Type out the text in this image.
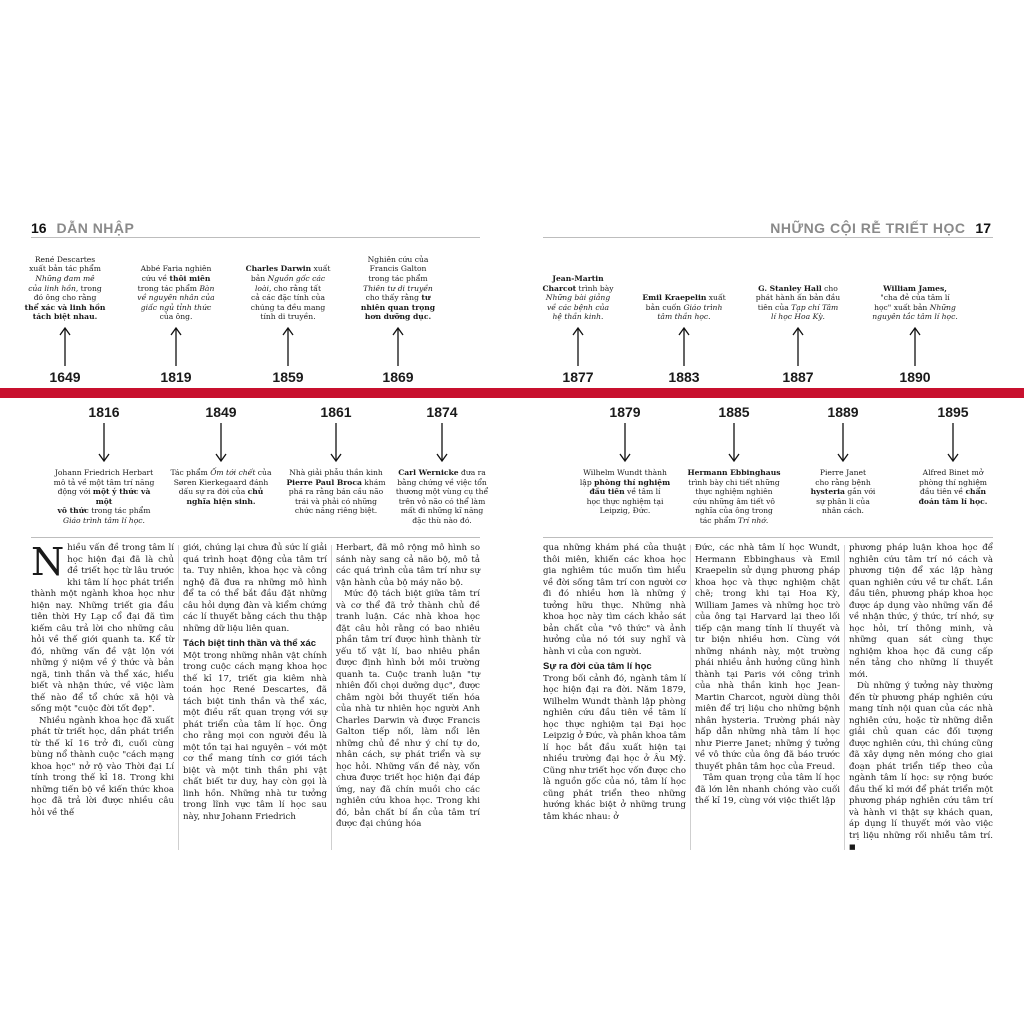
16 DẪN NHẬP	NHỮNG CỘI RỄ TRIẾT HỌC 17
René Descartes
xuất bản tác phẩm
Những đam mê
của linh hồn, trong
đó ông cho rằng
thể xác và linh hồn
tách biệt nhau.
1649
Abbé Faria nghiên
cứu về thôi miên
trong tác phẩm Bàn
về nguyên nhân của
giấc ngủ tỉnh thức
của ông.
1819
Charles Darwin xuất
bản Nguồn gốc các
loài, cho rằng tất
cả các đặc tính của
chúng ta đều mang
tính di truyền.
1859
Nghiên cứu của
Francis Galton
trong tác phẩm
Thiên tư di truyền
cho thấy rằng tư
nhiên quan trọng
hơn dưỡng dục.
1869
Jean-Martin
Charcot trình bày
Những bài giảng
về các bệnh của
hệ thần kinh.
1877
Emil Kraepelin xuất
bản cuốn Giáo trình
tâm thần học.
1883
G. Stanley Hall cho
phát hành ấn bản đầu
tiên của Tạp chí Tâm
lí học Hoa Kỳ.
1887
William James,
"cha đẻ của tâm lí
học" xuất bản Những
nguyên tắc tâm lí học.
1890
1816
Johann Friedrich Herbart
mô tả về một tâm trí năng
động với một ý thức và một
vô thức trong tác phẩm
Giáo trình tâm lí học.
1849
Tác phẩm Ốm tới chết của
Søren Kierkegaard đánh
dấu sự ra đời của chủ
nghĩa hiện sinh.
1861
Nhà giải phẫu thần kinh
Pierre Paul Broca khám
phá ra rằng bán cầu não
trái và phải có những
chức năng riêng biệt.
1874
Carl Wernicke đưa ra
bằng chứng về việc tổn
thương một vùng cụ thể
trên vỏ não có thể làm
mất đi những kĩ năng
đặc thù nào đó.
1879
Wilhelm Wundt thành
lập phòng thí nghiệm
đầu tiên về tâm lí
học thực nghiệm tại
Leipzig, Đức.
1885
Hermann Ebbinghaus
trình bày chi tiết những
thực nghiệm nghiên
cứu những âm tiết vô
nghĩa của ông trong
tác phẩm Trí nhớ.
1889
Pierre Janet
cho rằng bệnh
hysteria gắn với
sự phân li của
nhân cách.
1895
Alfred Binet mở
phòng thí nghiệm
đầu tiên về chẩn
đoán tâm lí học.

Nhiều vấn đề trong tâm lí học hiện đại đã là chủ đề triết học từ lâu trước khi tâm lí học phát triển thành một ngành khoa học như hiện nay. Những triết gia đầu tiên thời Hy Lạp cổ đại đã tìm kiếm câu trả lời cho những câu hỏi về thế giới quanh ta. Kể từ đó, những vấn đề vật lộn với những ý niệm về ý thức và bản ngã, tinh thần và thể xác, hiểu biết và nhận thức, về việc làm thế nào để tổ chức xã hội và sống một "cuộc đời tốt đẹp".

Nhiều ngành khoa học đã xuất phát từ triết học, dần phát triển từ thế kỉ 16 trở đi, cuối cùng bùng nổ thành cuộc "cách mạng khoa học" nở rộ vào Thời đại Lí tính trong thế kỉ 18. Trong khi những tiến bộ về kiến thức khoa học đã trả lời được nhiều câu hỏi về thế

giới, chúng lại chưa đủ sức lí giải quá trình hoạt động của tâm trí ta. Tuy nhiên, khoa học và công nghệ đã đưa ra những mô hình để ta có thể bắt đầu đặt những câu hỏi dựng đàn và kiểm chứng các lí thuyết bằng cách thu thập những dữ liệu liên quan.

Tách biệt tinh thần và thể xác

Một trong những nhân vật chính trong cuộc cách mạng khoa học thế kỉ 17, triết gia kiêm nhà toán học René Descartes, đã tách biệt tinh thần và thể xác, một điều rất quan trọng với sự phát triển của tâm lí học. Ông cho rằng mọi con người đều là một tồn tại hai nguyên – với một cơ thể mang tính cơ giới tách biệt và một tinh thần phi vật chất biết tư duy, hay còn gọi là linh hồn. Những nhà tư tưởng trong lĩnh vực tâm lí học sau này, như Johann Friedrich

Herbart, đã mô rộng mô hình so sánh này sang cả não bộ, mô tả các quá trình của tâm trí như sự vận hành của bộ máy não bộ.

Mức độ tách biệt giữa tâm trí và cơ thể đã trở thành chủ đề tranh luận. Các nhà khoa học đặt câu hỏi rằng có bao nhiêu phần tâm trí được hình thành từ yếu tố vật lí, bao nhiêu phần được định hình bởi môi trường quanh ta. Cuộc tranh luận "tự nhiên đối chọi dưỡng dục", được châm ngòi bởi thuyết tiến hóa của nhà tư nhiên học người Anh Charles Darwin và được Francis Galton tiếp nối, làm nổi lên những chủ đề như ý chí tự do, nhân cách, sự phát triển và sự học hỏi. Những vấn đề này, vốn chưa được triết học hiện đại đáp ứng, nay đã chín muồi cho các nghiên cứu khoa học. Trong khi đó, bản chất bí ẩn của tâm trí được đại chúng hóa

qua những khám phá của thuật thôi miên, khiến các khoa học gia nghiêm túc muốn tìm hiểu về đời sống tâm trí con người cơ đi đó nhiều hơn là những ý tưởng hữu thực. Những nhà khoa học này tìm cách khảo sát bản chất của "vô thức" và ảnh hưởng của nó tới suy nghĩ và hành vi của con người.

Sự ra đời của tâm lí học

Trong bối cảnh đó, ngành tâm lí học hiện đại ra đời. Năm 1879, Wilhelm Wundt thành lập phòng nghiên cứu đầu tiên về tâm lí học thực nghiệm tại Đại học Leipzig ở Đức, và phân khoa tâm lí học bắt đầu xuất hiện tại nhiều trường đại học ở Âu Mỹ. Cũng như triết học vốn được cho là nguồn gốc của nó, tâm lí học cũng phát triển theo những hướng khác biệt ở những trung tâm khác nhau: ở

Đức, các nhà tâm lí học Wundt, Hermann Ebbinghaus và Emil Kraepelin sử dụng phương pháp khoa học và thực nghiệm chặt chẽ; trong khi tại Hoa Kỳ, William James và những học trò của ông tại Harvard lại theo lối tiếp cận mang tính lí thuyết và tư biện nhiều hơn. Cùng với những nhánh này, một trường phái nhiều ảnh hưởng cũng hình thành tại Paris với công trình của nhà thần kinh học Jean-Martin Charcot, người dùng thôi miên để trị liệu cho những bệnh nhân hysteria. Trường phái này hấp dẫn những nhà tâm lí học như Pierre Janet; những ý tưởng về vô thức của ông đã báo trước thuyết phân tâm học của Freud.

Tâm quan trọng của tâm lí học đã lớn lên nhanh chóng vào cuối thế kỉ 19, cùng với việc thiết lập

phương pháp luận khoa học để nghiên cứu tâm trí nó cách và phương tiện để xác lập hàng quan nghiên cứu về tư chất. Lần đầu tiên, phương pháp khoa học được áp dụng vào những vấn đề về nhận thức, ý thức, trí nhớ, sự học hỏi, trí thông minh, và những quan sát cùng thực nghiệm khoa học đã cung cấp nền tảng cho những lí thuyết mới.

Dù những ý tưởng này thường đến từ phương pháp nghiên cứu mang tính nội quan của các nhà nghiên cứu, hoặc từ những diễn giải chủ quan các đối tượng được nghiên cứu, thì chúng cũng đã xây dựng nên móng cho giai đoạn phát triển tiếp theo của ngành tâm lí học: sự rộng bước đầu thế kỉ mới để phát triển một phương pháp nghiên cứu tâm trí và hành vi thật sự khách quan, áp dụng lí thuyết mới vào việc trị liệu những rối nhiễu tâm trí. ■
